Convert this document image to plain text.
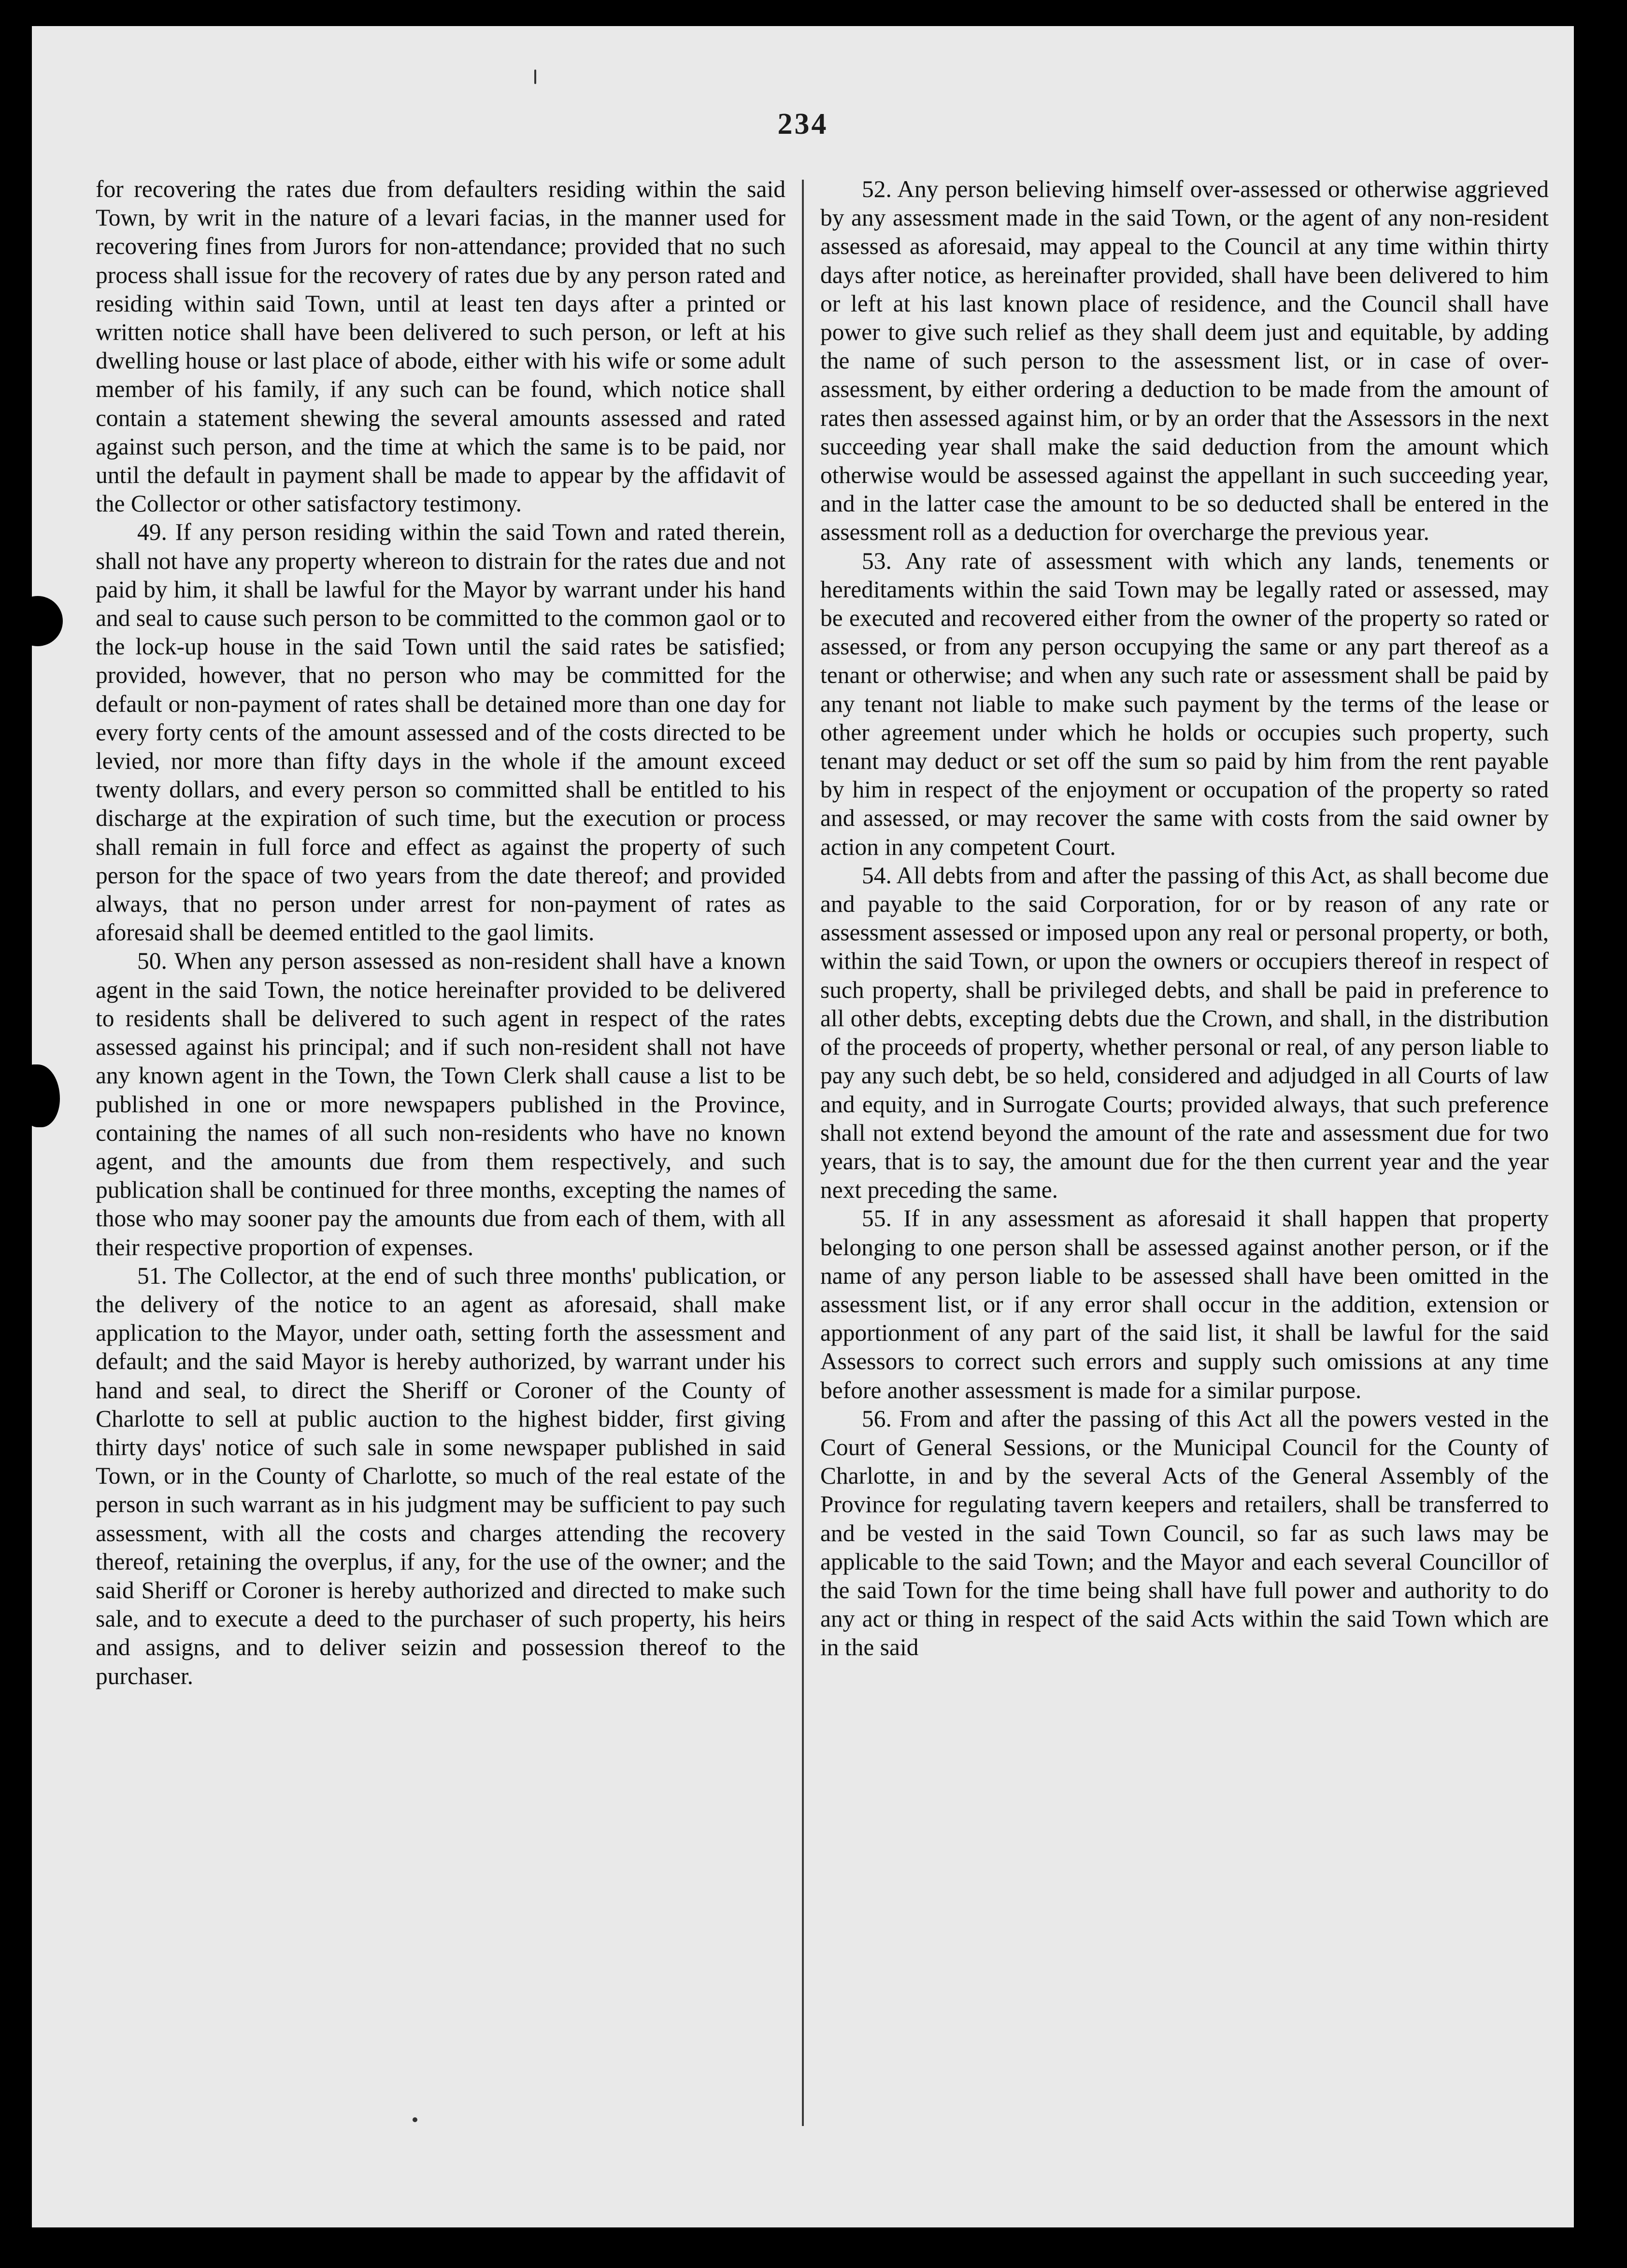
234

for recovering the rates due from defaulters residing within the said Town, by writ in the nature of a levari facias, in the manner used for recovering fines from Jurors for non-attendance; provided that no such process shall issue for the recovery of rates due by any person rated and residing within said Town, until at least ten days after a printed or written notice shall have been delivered to such person, or left at his dwelling house or last place of abode, either with his wife or some adult member of his family, if any such can be found, which notice shall contain a statement shewing the several amounts assessed and rated against such person, and the time at which the same is to be paid, nor until the default in payment shall be made to appear by the affidavit of the Collector or other satisfactory testimony.

49. If any person residing within the said Town and rated therein, shall not have any property whereon to distrain for the rates due and not paid by him, it shall be lawful for the Mayor by warrant under his hand and seal to cause such person to be committed to the common gaol or to the lock-up house in the said Town until the said rates be satisfied; provided, however, that no person who may be committed for the default or non-payment of rates shall be detained more than one day for every forty cents of the amount assessed and of the costs directed to be levied, nor more than fifty days in the whole if the amount exceed twenty dollars, and every person so committed shall be entitled to his discharge at the expiration of such time, but the execution or process shall remain in full force and effect as against the property of such person for the space of two years from the date thereof; and provided always, that no person under arrest for non-payment of rates as aforesaid shall be deemed entitled to the gaol limits.

50. When any person assessed as non-resident shall have a known agent in the said Town, the notice hereinafter provided to be delivered to residents shall be delivered to such agent in respect of the rates assessed against his principal; and if such non-resident shall not have any known agent in the Town, the Town Clerk shall cause a list to be published in one or more newspapers published in the Province, containing the names of all such non-residents who have no known agent, and the amounts due from them respectively, and such publication shall be continued for three months, excepting the names of those who may sooner pay the amounts due from each of them, with all their respective proportion of expenses.

51. The Collector, at the end of such three months' publication, or the delivery of the notice to an agent as aforesaid, shall make application to the Mayor, under oath, setting forth the assessment and default; and the said Mayor is hereby authorized, by warrant under his hand and seal, to direct the Sheriff or Coroner of the County of Charlotte to sell at public auction to the highest bidder, first giving thirty days' notice of such sale in some newspaper published in said Town, or in the County of Charlotte, so much of the real estate of the person in such warrant as in his judgment may be sufficient to pay such assessment, with all the costs and charges attending the recovery thereof, retaining the overplus, if any, for the use of the owner; and the said Sheriff or Coroner is hereby authorized and directed to make such sale, and to execute a deed to the purchaser of such property, his heirs and assigns, and to deliver seizin and possession thereof to the purchaser.

52. Any person believing himself over-assessed or otherwise aggrieved by any assessment made in the said Town, or the agent of any non-resident assessed as aforesaid, may appeal to the Council at any time within thirty days after notice, as hereinafter provided, shall have been delivered to him or left at his last known place of residence, and the Council shall have power to give such relief as they shall deem just and equitable, by adding the name of such person to the assessment list, or in case of over-assessment, by either ordering a deduction to be made from the amount of rates then assessed against him, or by an order that the Assessors in the next succeeding year shall make the said deduction from the amount which otherwise would be assessed against the appellant in such succeeding year, and in the latter case the amount to be so deducted shall be entered in the assessment roll as a deduction for overcharge the previous year.

53. Any rate of assessment with which any lands, tenements or hereditaments within the said Town may be legally rated or assessed, may be executed and recovered either from the owner of the property so rated or assessed, or from any person occupying the same or any part thereof as a tenant or otherwise; and when any such rate or assessment shall be paid by any tenant not liable to make such payment by the terms of the lease or other agreement under which he holds or occupies such property, such tenant may deduct or set off the sum so paid by him from the rent payable by him in respect of the enjoyment or occupation of the property so rated and assessed, or may recover the same with costs from the said owner by action in any competent Court.

54. All debts from and after the passing of this Act, as shall become due and payable to the said Corporation, for or by reason of any rate or assessment assessed or imposed upon any real or personal property, or both, within the said Town, or upon the owners or occupiers thereof in respect of such property, shall be privileged debts, and shall be paid in preference to all other debts, excepting debts due the Crown, and shall, in the distribution of the proceeds of property, whether personal or real, of any person liable to pay any such debt, be so held, considered and adjudged in all Courts of law and equity, and in Surrogate Courts; provided always, that such preference shall not extend beyond the amount of the rate and assessment due for two years, that is to say, the amount due for the then current year and the year next preceding the same.

55. If in any assessment as aforesaid it shall happen that property belonging to one person shall be assessed against another person, or if the name of any person liable to be assessed shall have been omitted in the assessment list, or if any error shall occur in the addition, extension or apportionment of any part of the said list, it shall be lawful for the said Assessors to correct such errors and supply such omissions at any time before another assessment is made for a similar purpose.

56. From and after the passing of this Act all the powers vested in the Court of General Sessions, or the Municipal Council for the County of Charlotte, in and by the several Acts of the General Assembly of the Province for regulating tavern keepers and retailers, shall be transferred to and be vested in the said Town Council, so far as such laws may be applicable to the said Town; and the Mayor and each several Councillor of the said Town for the time being shall have full power and authority to do any act or thing in respect of the said Acts within the said Town which are in the said
